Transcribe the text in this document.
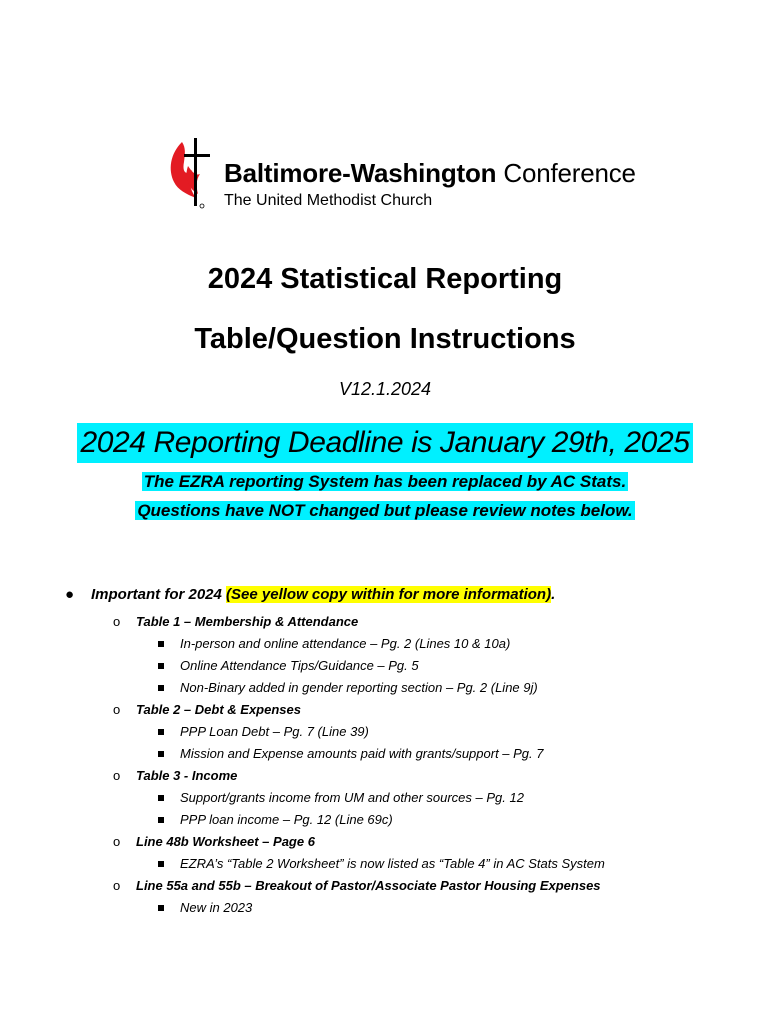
Baltimore-Washington Conference
The United Methodist Church
2024 Statistical Reporting
Table/Question Instructions
V12.1.2024
2024 Reporting Deadline is January 29th, 2025
The EZRA reporting System has been replaced by AC Stats.
Questions have NOT changed but please review notes below.
● Important for 2024 (See yellow copy within for more information).
o Table 1 – Membership & Attendance
In-person and online attendance – Pg. 2 (Lines 10 & 10a)
Online Attendance Tips/Guidance – Pg. 5
Non-Binary added in gender reporting section – Pg. 2 (Line 9j)
o Table 2 – Debt & Expenses
PPP Loan Debt – Pg. 7 (Line 39)
Mission and Expense amounts paid with grants/support – Pg. 7
o Table 3 - Income
Support/grants income from UM and other sources – Pg. 12
PPP loan income – Pg. 12 (Line 69c)
o Line 48b Worksheet – Page 6
EZRA’s “Table 2 Worksheet” is now listed as “Table 4” in AC Stats System
o Line 55a and 55b – Breakout of Pastor/Associate Pastor Housing Expenses
New in 2023
